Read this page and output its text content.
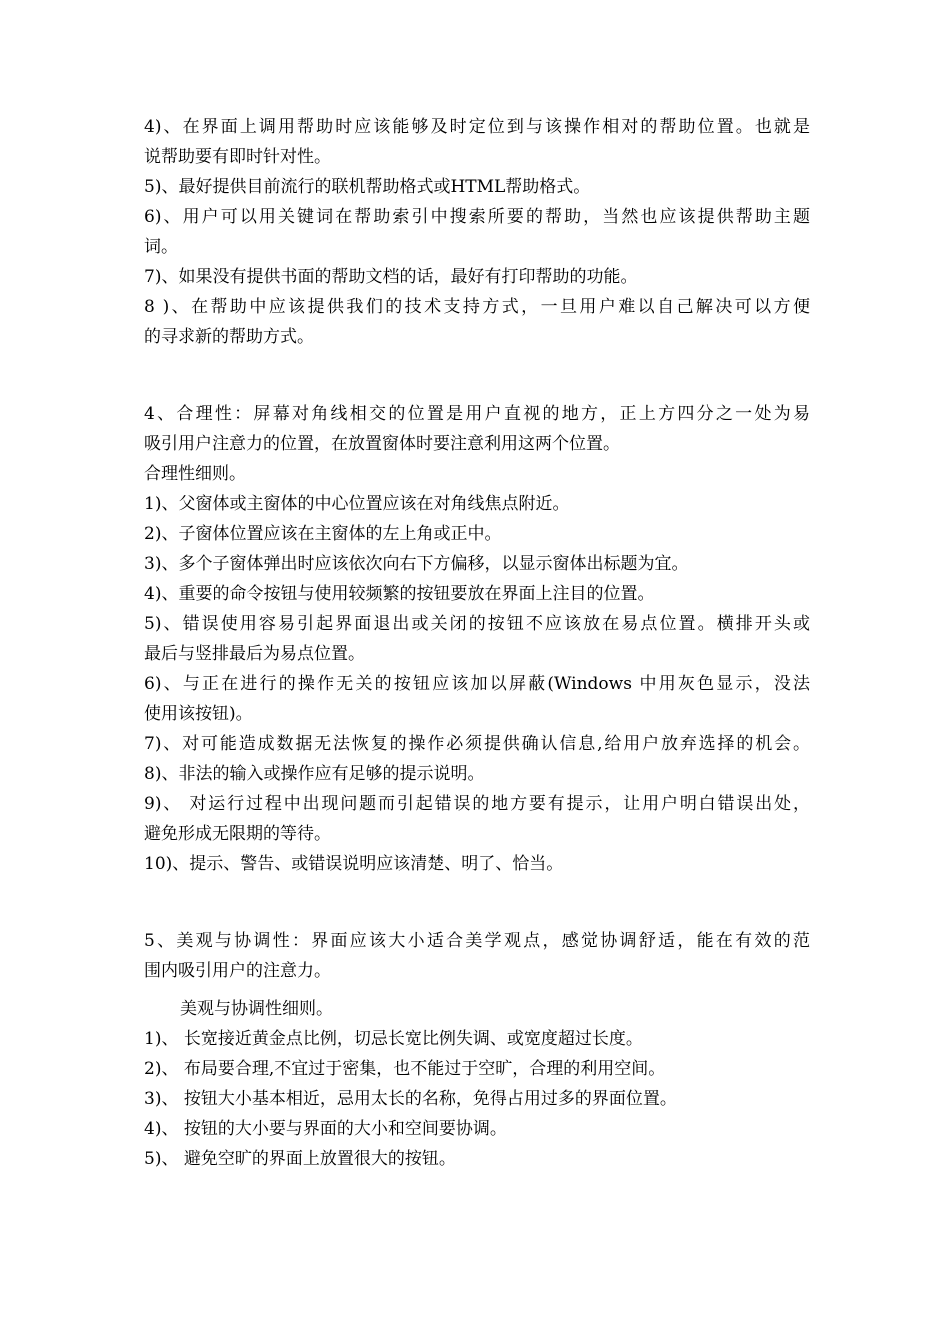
4)、在界面上调用帮助时应该能够及时定位到与该操作相对的帮助位置。也就是
说帮助要有即时针对性。
5)、最好提供目前流行的联机帮助格式或HTML帮助格式。
6)、用户可以用关键词在帮助索引中搜索所要的帮助，当然也应该提供帮助主题
词。
7)、如果没有提供书面的帮助文档的话，最好有打印帮助的功能。
8 )、在帮助中应该提供我们的技术支持方式，一旦用户难以自己解决可以方便
的寻求新的帮助方式。
4、合理性：屏幕对角线相交的位置是用户直视的地方，正上方四分之一处为易
吸引用户注意力的位置，在放置窗体时要注意利用这两个位置。
合理性细则。
1)、父窗体或主窗体的中心位置应该在对角线焦点附近。
2)、子窗体位置应该在主窗体的左上角或正中。
3)、多个子窗体弹出时应该依次向右下方偏移，以显示窗体出标题为宜。
4)、重要的命令按钮与使用较频繁的按钮要放在界面上注目的位置。
5)、错误使用容易引起界面退出或关闭的按钮不应该放在易点位置。横排开头或
最后与竖排最后为易点位置。
6)、与正在进行的操作无关的按钮应该加以屏蔽(Windows 中用灰色显示，没法
使用该按钮)。
7)、对可能造成数据无法恢复的操作必须提供确认信息,给用户放弃选择的机会。
8)、非法的输入或操作应有足够的提示说明。
9)、 对运行过程中出现问题而引起错误的地方要有提示，让用户明白错误出处，
避免形成无限期的等待。
10)、提示、警告、或错误说明应该清楚、明了、恰当。
5、美观与协调性：界面应该大小适合美学观点，感觉协调舒适，能在有效的范
围内吸引用户的注意力。
美观与协调性细则。
1)、 长宽接近黄金点比例，切忌长宽比例失调、或宽度超过长度。
2)、 布局要合理,不宜过于密集，也不能过于空旷，合理的利用空间。
3)、 按钮大小基本相近，忌用太长的名称，免得占用过多的界面位置。
4)、 按钮的大小要与界面的大小和空间要协调。
5)、 避免空旷的界面上放置很大的按钮。
